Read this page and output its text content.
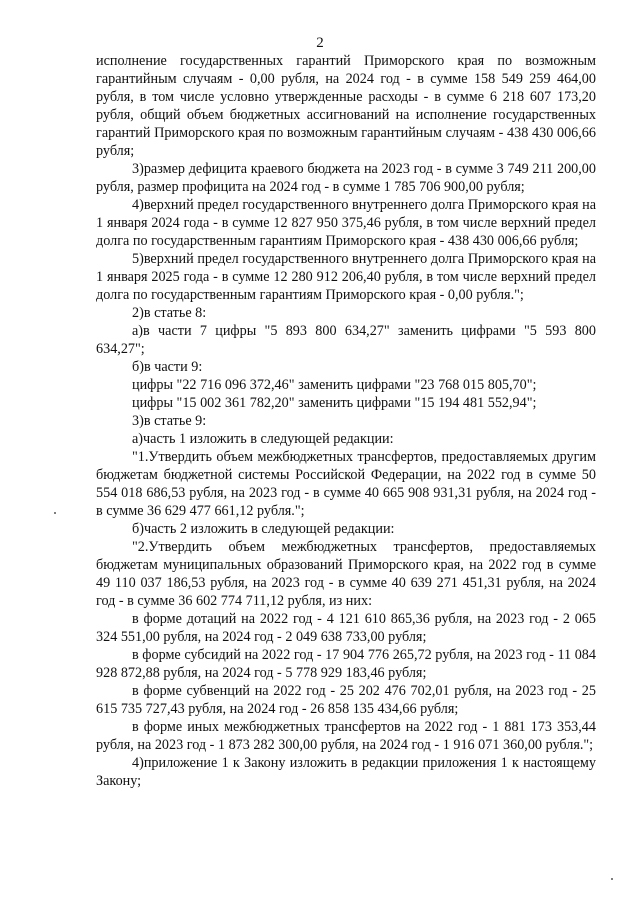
2

исполнение государственных гарантий Приморского края по возможным гарантийным случаям - 0,00 рубля, на 2024 год - в сумме 158 549 259 464,00 рубля, в том числе условно утвержденные расходы - в сумме 6 218 607 173,20 рубля, общий объем бюджетных ассигнований на исполнение государственных гарантий Приморского края по возможным гарантийным случаям - 438 430 006,66 рубля;

3)размер дефицита краевого бюджета на 2023 год - в сумме 3 749 211 200,00 рубля, размер профицита на 2024 год - в сумме 1 785 706 900,00 рубля;

4)верхний предел государственного внутреннего долга Приморского края на 1 января 2024 года - в сумме 12 827 950 375,46 рубля, в том числе верхний предел долга по государственным гарантиям Приморского края - 438 430 006,66 рубля;

5)верхний предел государственного внутреннего долга Приморского края на 1 января 2025 года - в сумме 12 280 912 206,40 рубля, в том числе верхний предел долга по государственным гарантиям Приморского края - 0,00 рубля.";

2)в статье 8:

а)в части 7 цифры "5 893 800 634,27" заменить цифрами "5 593 800 634,27";

б)в части 9:

цифры "22 716 096 372,46" заменить цифрами "23 768 015 805,70";

цифры "15 002 361 782,20" заменить цифрами "15 194 481 552,94";

3)в статье 9:

а)часть 1 изложить в следующей редакции:

"1.Утвердить объем межбюджетных трансфертов, предоставляемых другим бюджетам бюджетной системы Российской Федерации, на 2022 год в сумме 50 554 018 686,53 рубля, на 2023 год - в сумме 40 665 908 931,31 рубля, на 2024 год - в сумме 36 629 477 661,12 рубля.";

б)часть 2 изложить в следующей редакции:

"2.Утвердить объем межбюджетных трансфертов, предоставляемых бюджетам муниципальных образований Приморского края, на 2022 год в сумме 49 110 037 186,53 рубля, на 2023 год - в сумме 40 639 271 451,31 рубля, на 2024 год - в сумме 36 602 774 711,12 рубля, из них:

в форме дотаций на 2022 год - 4 121 610 865,36 рубля, на 2023 год - 2 065 324 551,00 рубля, на 2024 год - 2 049 638 733,00 рубля;

в форме субсидий на 2022 год - 17 904 776 265,72 рубля, на 2023 год - 11 084 928 872,88 рубля, на 2024 год - 5 778 929 183,46 рубля;

в форме субвенций на 2022 год - 25 202 476 702,01 рубля, на 2023 год - 25 615 735 727,43 рубля, на 2024 год - 26 858 135 434,66 рубля;

в форме иных межбюджетных трансфертов на 2022 год - 1 881 173 353,44 рубля, на 2023 год - 1 873 282 300,00 рубля, на 2024 год - 1 916 071 360,00 рубля.";

4)приложение 1 к Закону изложить в редакции приложения 1 к настоящему Закону;
